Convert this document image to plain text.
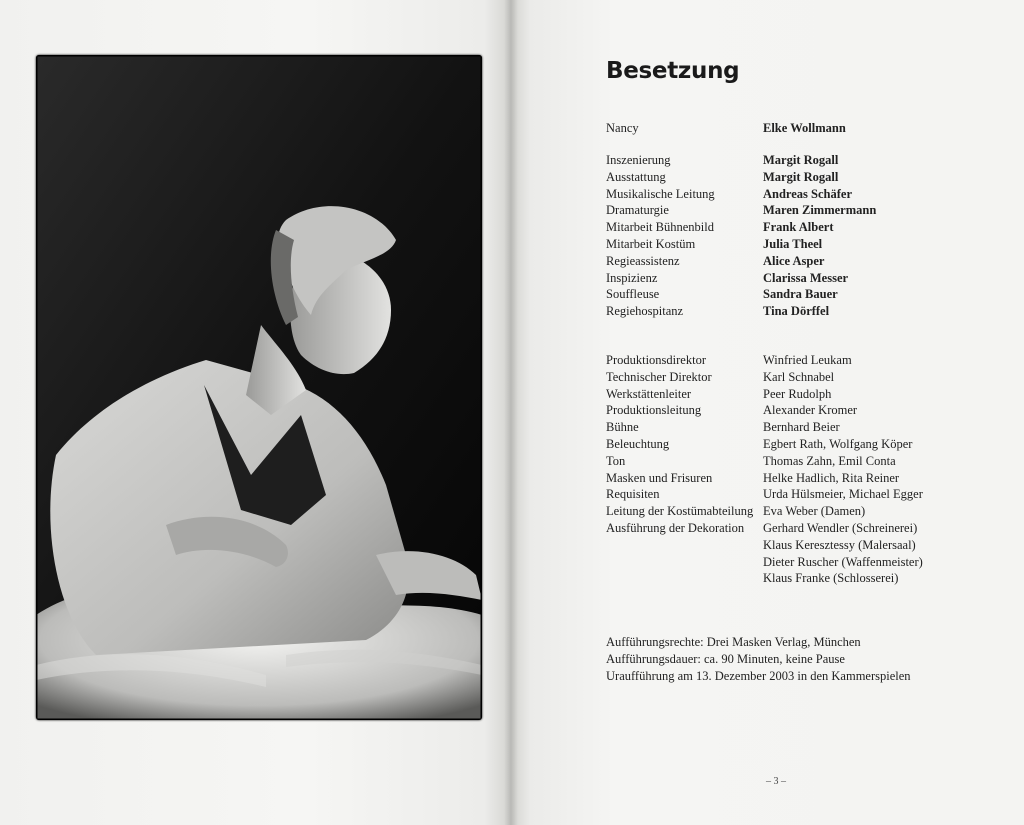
Besetzung
Nancy	Elke Wollmann
Inszenierung	Margit Rogall
Ausstattung	Margit Rogall
Musikalische Leitung	Andreas Schäfer
Dramaturgie	Maren Zimmermann
Mitarbeit Bühnenbild	Frank Albert
Mitarbeit Kostüm	Julia Theel
Regieassistenz	Alice Asper
Inspizienz	Clarissa Messer
Souffleuse	Sandra Bauer
Regiehospitanz	Tina Dörffel
Produktionsdirektor	Winfried Leukam
Technischer Direktor	Karl Schnabel
Werkstättenleiter	Peer Rudolph
Produktionsleitung	Alexander Kromer
Bühne	Bernhard Beier
Beleuchtung	Egbert Rath, Wolfgang Köper
Ton	Thomas Zahn, Emil Conta
Masken und Frisuren	Helke Hadlich, Rita Reiner
Requisiten	Urda Hülsmeier, Michael Egger
Leitung der Kostümabteilung Eva Weber (Damen)
Ausführung der Dekoration	Gerhard Wendler (Schreinerei)
Klaus Keresztessy (Malersaal)
Dieter Ruscher (Waffenmeister)
Klaus Franke (Schlosserei)
Aufführungsrechte: Drei Masken Verlag, München
Aufführungsdauer: ca. 90 Minuten, keine Pause
Uraufführung am 13. Dezember 2003 in den Kammerspielen
– 3 –
